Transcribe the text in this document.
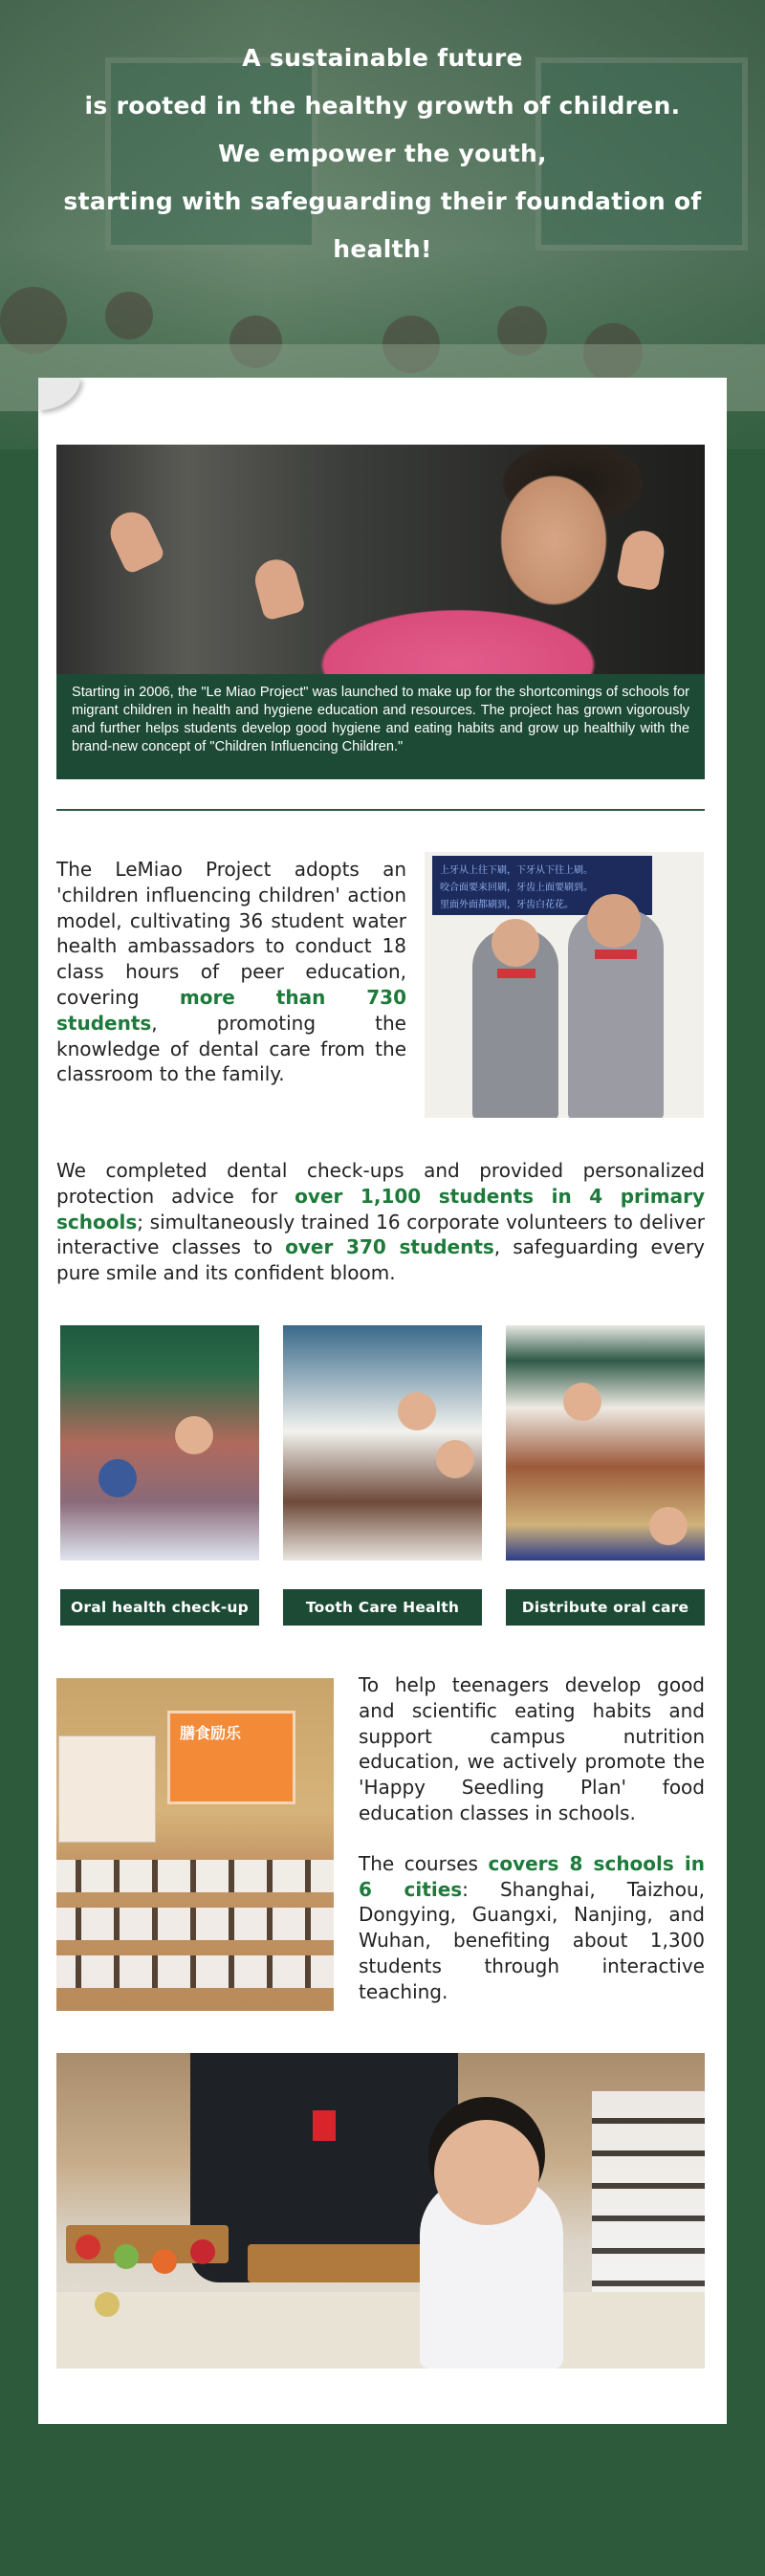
A sustainable future
is rooted in the healthy growth of children.
We empower the youth,
starting with safeguarding their foundation of health!
Starting in 2006, the "Le Miao Project" was launched to make up for the shortcomings of schools for migrant children in health and hygiene education and resources. The project has grown vigorously and further helps students develop good hygiene and eating habits and grow up healthily with the brand-new concept of "Children Influencing Children."
The LeMiao Project adopts an 'children influencing children' action model, cultivating 36 student water health ambassadors to conduct 18 class hours of peer education, covering more than 730 students, promoting the knowledge of dental care from the classroom to the family.
上牙从上往下刷，下牙从下往上刷。
咬合面要来回刷，牙齿上面要刷到。
里面外面都刷到，牙齿白花花。
We completed dental check-ups and provided personalized protection advice for over 1,100 students in 4 primary schools; simultaneously trained 16 corporate volunteers to deliver interactive classes to over 370 students, safeguarding every pure smile and its confident bloom.
Oral health check-up	Tooth Care Health Class
Distribute oral care kits
膳食励乐
To help teenagers develop good and scientific eating habits and support campus nutrition education, we actively promote the 'Happy Seedling Plan' food education classes in schools.
The courses covers 8 schools in 6 cities: Shanghai, Taizhou, Dongying, Guangxi, Nanjing, and Wuhan, benefiting about 1,300 students through interactive teaching.
